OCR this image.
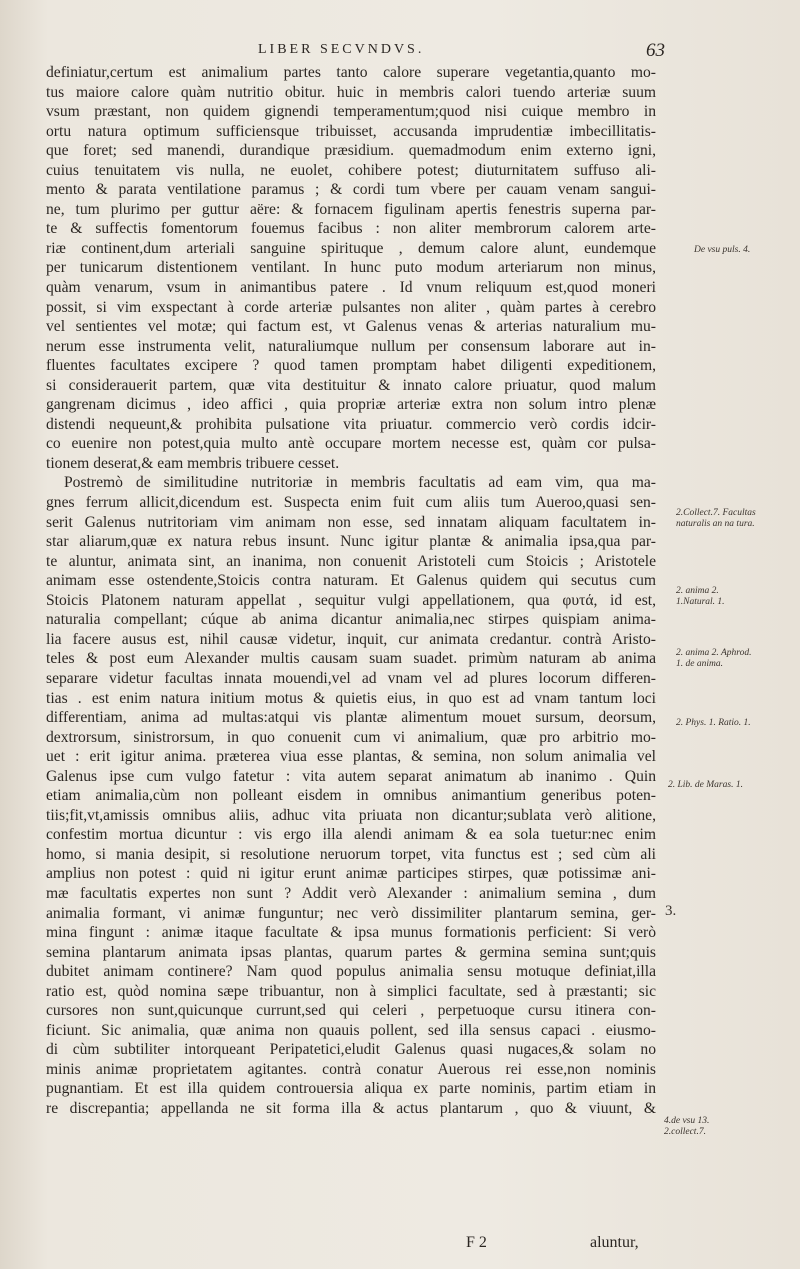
LIBER SECVNDVS.	63
definiatur,certum est animalium partes tanto calore superare vegetantia,quanto mo-
tus maiore calore quàm nutritio obitur. huic in membris calori tuendo arteriæ suum
vsum præstant, non quidem gignendi temperamentum;quod nisi cuique membro in
ortu natura optimum sufficiensque tribuisset, accusanda imprudentiæ imbecillitatis-
que foret; sed manendi, durandique præsidium. quemadmodum enim externo igni,
cuius tenuitatem vis nulla, ne euolet, cohibere potest; diuturnitatem suffuso ali-
mento & parata ventilatione paramus ; & cordi tum vbere per cauam venam sangui-
ne, tum plurimo per guttur aëre: & fornacem figulinam apertis fenestris superna par-
te & suffectis fomentorum fouemus facibus : non aliter membrorum calorem arte-
riæ continent,dum arteriali sanguine spirituque , demum calore alunt, eundemque
per tunicarum distentionem ventilant. In hunc puto modum arteriarum non minus,
quàm venarum, vsum in animantibus patere . Id vnum reliquum est,quod moneri
possit, si vim exspectant à corde arteriæ pulsantes non aliter , quàm partes à cerebro
vel sentientes vel motæ; qui factum est, vt Galenus venas & arterias naturalium mu-
nerum esse instrumenta velit, naturaliumque nullum per consensum laborare aut in-
fluentes facultates excipere ? quod tamen promptam habet diligenti expeditionem,
si considerauerit partem, quæ vita destituitur & innato calore priuatur, quod malum
gangrenam dicimus , ideo affici , quia propriæ arteriæ extra non solum intro plenæ
distendi nequeunt,& prohibita pulsatione vita priuatur. commercio verò cordis idcir-
co euenire non potest,quia multo antè occupare mortem necesse est, quàm cor pulsa-
tionem deserat,& eam membris tribuere cesset.
Postremò de similitudine nutritoriæ in membris facultatis ad eam vim, qua ma-
gnes ferrum allicit,dicendum est. Suspecta enim fuit cum aliis tum Aueroo,quasi sen-
serit Galenus nutritoriam vim animam non esse, sed innatam aliquam facultatem in-
star aliarum,quæ ex natura rebus insunt. Nunc igitur plantæ & animalia ipsa,qua par-
te aluntur, animata sint, an inanima, non conuenit Aristoteli cum Stoicis ; Aristotele
animam esse ostendente,Stoicis contra naturam. Et Galenus quidem qui secutus cum
Stoicis Platonem naturam appellat , sequitur vulgi appellationem, qua φυτά, id est,
naturalia compellant; cúque ab anima dicantur animalia,nec stirpes quispiam anima-
lia facere ausus est, nihil causæ videtur, inquit, cur animata credantur. contrà Aristo-
teles & post eum Alexander multis causam suam suadet. primùm naturam ab anima
separare videtur facultas innata mouendi,vel ad vnam vel ad plures locorum differen-
tias . est enim natura initium motus & quietis eius, in quo est ad vnam tantum loci
differentiam, anima ad multas:atqui vis plantæ alimentum mouet sursum, deorsum,
dextrorsum, sinistrorsum, in quo conuenit cum vi animalium, quæ pro arbitrio mo-
uet : erit igitur anima. præterea viua esse plantas, & semina, non solum animalia vel
Galenus ipse cum vulgo fatetur : vita autem separat animatum ab inanimo . Quin
etiam animalia,cùm non polleant eisdem in omnibus animantium generibus poten-
tiis;fit,vt,amissis omnibus aliis, adhuc vita priuata non dicantur;sublata verò alitione,
confestim mortua dicuntur : vis ergo illa alendi animam & ea sola tuetur:nec enim
homo, si mania desipit, si resolutione neruorum torpet, vita functus est ; sed cùm ali
amplius non potest : quid ni igitur erunt animæ participes stirpes, quæ potissimæ ani-
mæ facultatis expertes non sunt ? Addit verò Alexander : animalium semina , dum
animalia formant, vi animæ funguntur; nec verò dissimiliter plantarum semina, ger-
mina fingunt : animæ itaque facultate & ipsa munus formationis perficient: Si verò
semina plantarum animata ipsas plantas, quarum partes & germina semina sunt;quis
dubitet animam continere? Nam quod populus animalia sensu motuque definiat,illa
ratio est, quòd nomina sæpe tribuantur, non à simplici facultate, sed à præstanti; sic
cursores non sunt,quicunque currunt,sed qui celeri , perpetuoque cursu itinera con-
ficiunt. Sic animalia, quæ anima non quauis pollent, sed illa sensus capaci . eiusmo-
di cùm subtiliter intorqueant Peripatetici,eludit Galenus quasi nugaces,& solam no
minis animæ proprietatem agitantes. contrà conatur Auerous rei esse,non nominis
pugnantiam. Et est illa quidem controuersia aliqua ex parte nominis, partim etiam in
re discrepantia; appellanda ne sit forma illa & actus plantarum , quo & viuunt, &
De vsu puls. 4.
2.Collect.7. Facultas naturalis an na tura.
2. anima 2. 1.Natural. 1.
2. anima 2. Aphrod. 1. de anima.
2. Phys. 1. Ratio. 1.
2. Lib. de Maras. 1.
3.
4.de vsu 13. 2.collect.7.
F 2	aluntur,
